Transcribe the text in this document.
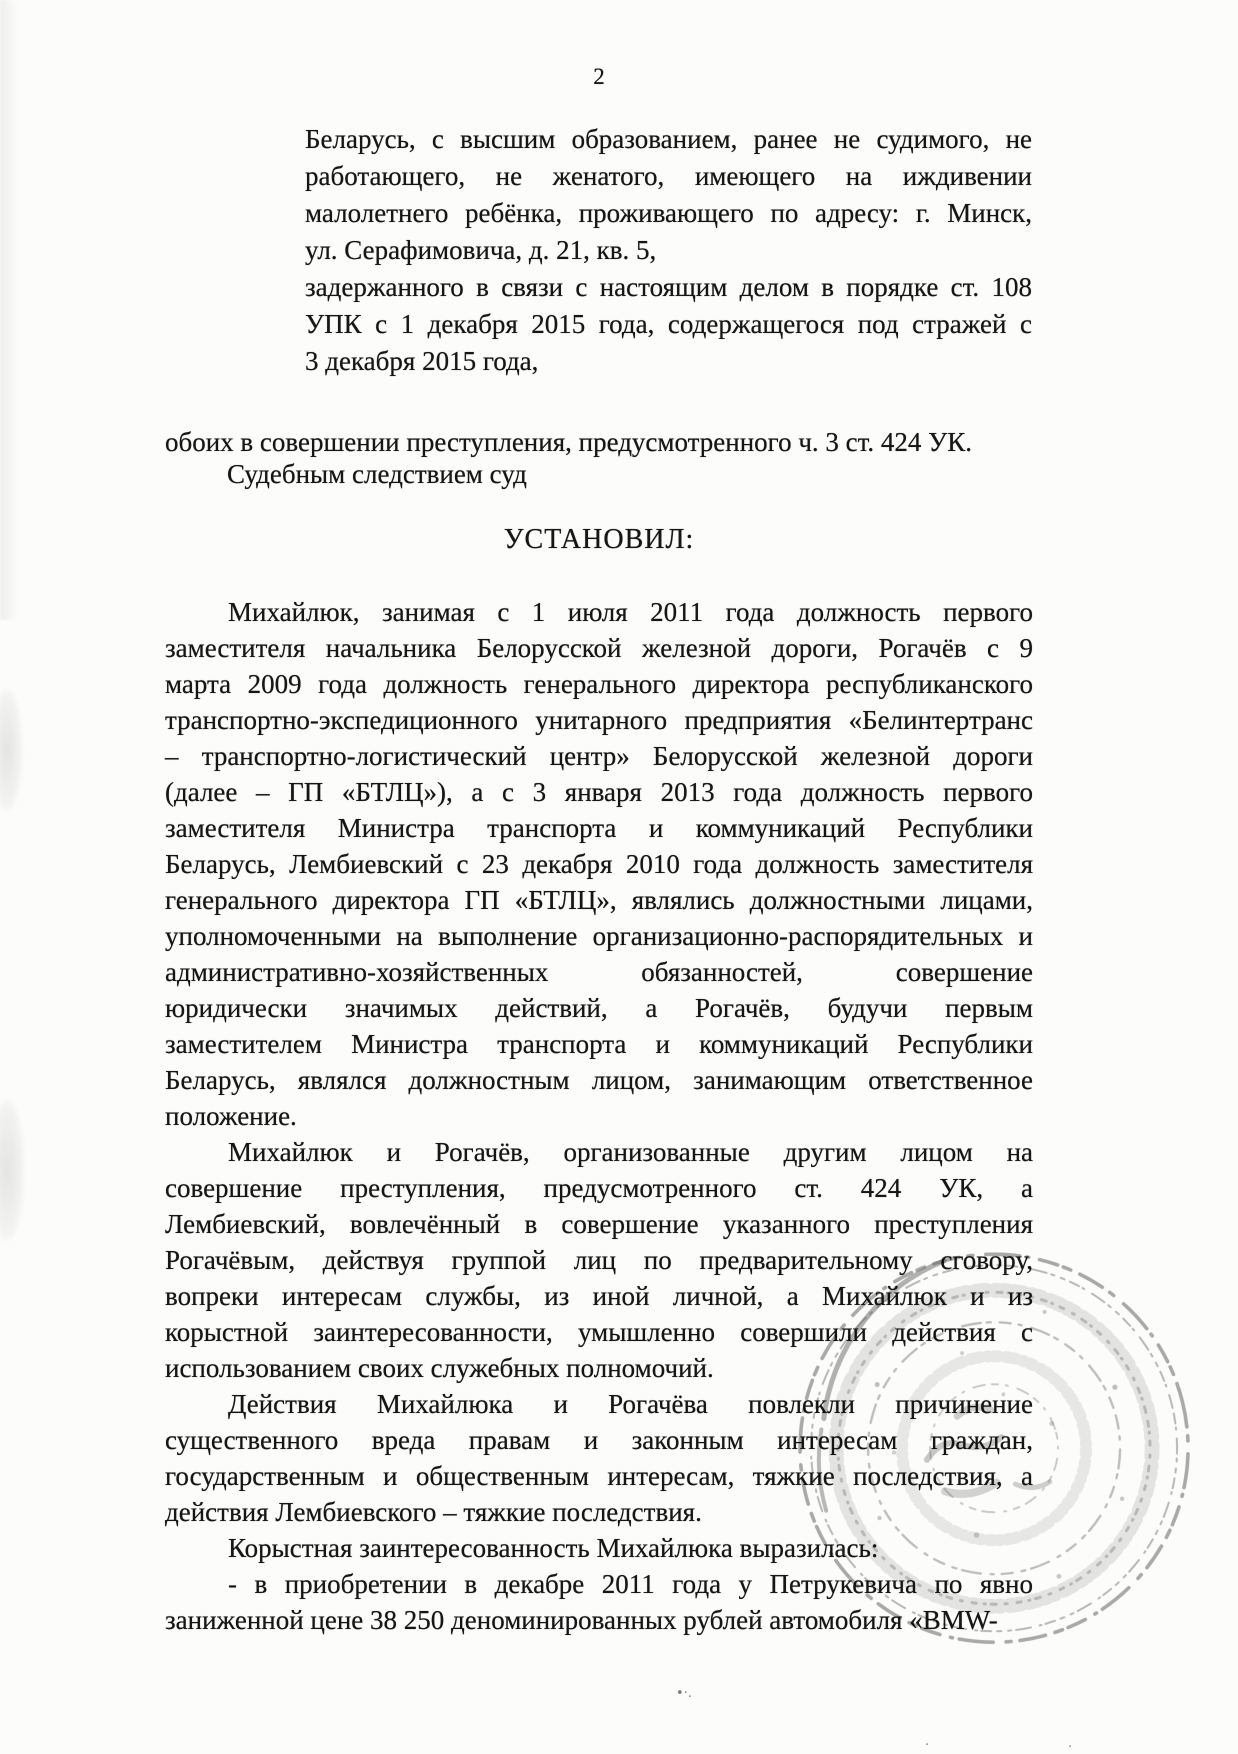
2
Беларусь, с высшим образованием, ранее не судимого, не
работающего, не женатого, имеющего на иждивении
малолетнего ребёнка, проживающего по адресу: г. Минск,
ул. Серафимовича, д. 21, кв. 5,
задержанного в связи с настоящим делом в порядке ст. 108
УПК с 1 декабря 2015 года, содержащегося под стражей с
3 декабря 2015 года,
обоих в совершении преступления, предусмотренного ч. 3 ст. 424 УК.
Судебным следствием суд
УСТАНОВИЛ:
Михайлюк, занимая с 1 июля 2011 года должность первого
заместителя начальника Белорусской железной дороги, Рогачёв с 9
марта 2009 года должность генерального директора республиканского
транспортно-экспедиционного унитарного предприятия «Белинтертранс
– транспортно-логистический центр» Белорусской железной дороги
(далее – ГП «БТЛЦ»), а с 3 января 2013 года должность первого
заместителя Министра транспорта и коммуникаций Республики
Беларусь, Лембиевский с 23 декабря 2010 года должность заместителя
генерального директора ГП «БТЛЦ», являлись должностными лицами,
уполномоченными на выполнение организационно-распорядительных и
административно-хозяйственных обязанностей, совершение
юридически значимых действий, а Рогачёв, будучи первым
заместителем Министра транспорта и коммуникаций Республики
Беларусь, являлся должностным лицом, занимающим ответственное
положение.
Михайлюк и Рогачёв, организованные другим лицом на
совершение преступления, предусмотренного ст. 424 УК, а
Лембиевский, вовлечённый в совершение указанного преступления
Рогачёвым, действуя группой лиц по предварительному сговору,
вопреки интересам службы, из иной личной, а Михайлюк и из
корыстной заинтересованности, умышленно совершили действия с
использованием своих служебных полномочий.
Действия Михайлюка и Рогачёва повлекли причинение
существенного вреда правам и законным интересам граждан,
государственным и общественным интересам, тяжкие последствия, а
действия Лембиевского – тяжкие последствия.
Корыстная заинтересованность Михайлюка выразилась:
- в приобретении в декабре 2011 года у Петрукевича по явно
заниженной цене 38 250 деноминированных рублей автомобиля «BMW-
•·.
·	·
